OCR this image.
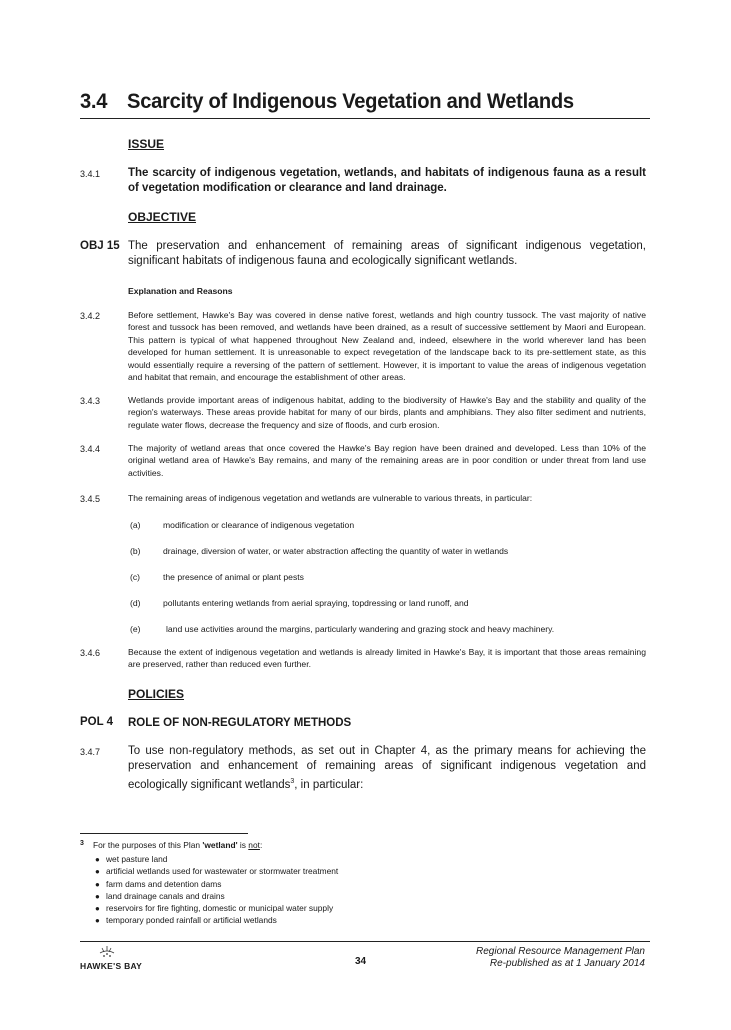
3.4 Scarcity of Indigenous Vegetation and Wetlands
ISSUE
3.4.1 The scarcity of indigenous vegetation, wetlands, and habitats of indigenous fauna as a result of vegetation modification or clearance and land drainage.
OBJECTIVE
OBJ 15 The preservation and enhancement of remaining areas of significant indigenous vegetation, significant habitats of indigenous fauna and ecologically significant wetlands.
Explanation and Reasons
3.4.2	Before settlement, Hawke's Bay was covered in dense native forest, wetlands and high country tussock. The vast majority of native forest and tussock has been removed, and wetlands have been drained, as a result of successive settlement by Maori and European. This pattern is typical of what happened throughout New Zealand and, indeed, elsewhere in the world wherever land has been developed for human settlement. It is unreasonable to expect revegetation of the landscape back to its pre-settlement state, as this would essentially require a reversing of the pattern of settlement. However, it is important to value the areas of indigenous vegetation and habitat that remain, and encourage the establishment of other areas.
3.4.3	Wetlands provide important areas of indigenous habitat, adding to the biodiversity of Hawke's Bay and the stability and quality of the region's waterways. These areas provide habitat for many of our birds, plants and amphibians. They also filter sediment and nutrients, regulate water flows, decrease the frequency and size of floods, and curb erosion.
3.4.4	The majority of wetland areas that once covered the Hawke's Bay region have been drained and developed. Less than 10% of the original wetland area of Hawke's Bay remains, and many of the remaining areas are in poor condition or under threat from land use activities.
3.4.5	The remaining areas of indigenous vegetation and wetlands are vulnerable to various threats, in particular:
(a)	modification or clearance of indigenous vegetation
(b)	drainage, diversion of water, or water abstraction affecting the quantity of water in wetlands
(c)	the presence of animal or plant pests
(d)	pollutants entering wetlands from aerial spraying, topdressing or land runoff, and
(e)	land use activities around the margins, particularly wandering and grazing stock and heavy machinery.
3.4.6	Because the extent of indigenous vegetation and wetlands is already limited in Hawke's Bay, it is important that those areas remaining are preserved, rather than reduced even further.
POLICIES
POL 4 ROLE OF NON-REGULATORY METHODS
3.4.7 To use non-regulatory methods, as set out in Chapter 4, as the primary means for achieving the preservation and enhancement of remaining areas of significant indigenous vegetation and ecologically significant wetlands$^3$, in particular:
3 For the purposes of this Plan 'wetland' is not:
● wet pasture land
● artificial wetlands used for wastewater or stormwater treatment
● farm dams and detention dams
● land drainage canals and drains
● reservoirs for fire fighting, domestic or municipal water supply
● temporary ponded rainfall or artificial wetlands
HAWKE'S BAY	34
Regional Resource Management Plan
Re-published as at 1 January 2014
